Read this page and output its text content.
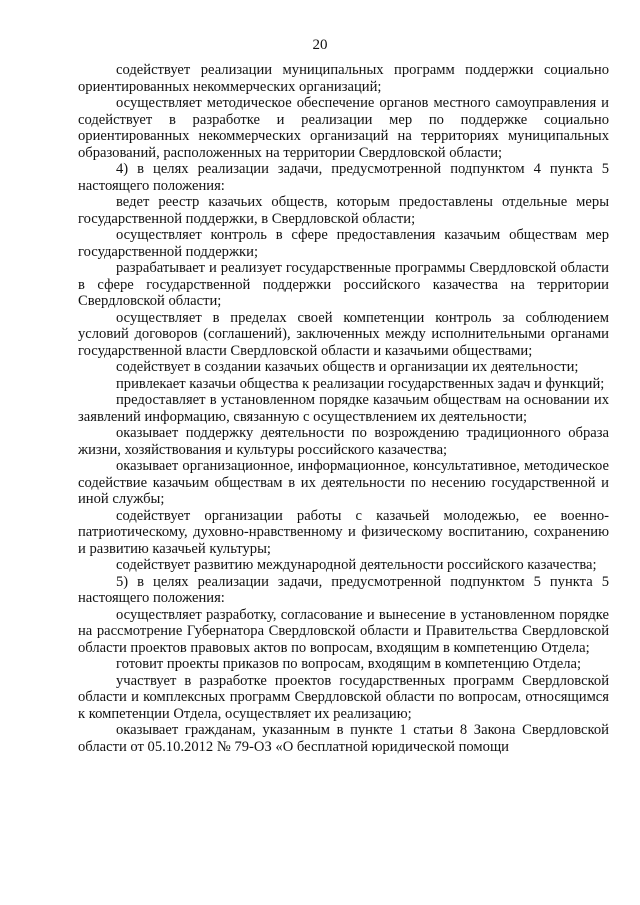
20

содействует реализации муниципальных программ поддержки социально ориентированных некоммерческих организаций;

осуществляет методическое обеспечение органов местного самоуправления и содействует в разработке и реализации мер по поддержке социально ориентированных некоммерческих организаций на территориях муниципальных образований, расположенных на территории Свердловской области;

4) в целях реализации задачи, предусмотренной подпунктом 4 пункта 5 настоящего положения:

ведет реестр казачьих обществ, которым предоставлены отдельные меры государственной поддержки, в Свердловской области;

осуществляет контроль в сфере предоставления казачьим обществам мер государственной поддержки;

разрабатывает и реализует государственные программы Свердловской области в сфере государственной поддержки российского казачества на территории Свердловской области;

осуществляет в пределах своей компетенции контроль за соблюдением условий договоров (соглашений), заключенных между исполнительными органами государственной власти Свердловской области и казачьими обществами;

содействует в создании казачьих обществ и организации их деятельности;

привлекает казачьи общества к реализации государственных задач и функций;

предоставляет в установленном порядке казачьим обществам на основании их заявлений информацию, связанную с осуществлением их деятельности;

оказывает поддержку деятельности по возрождению традиционного образа жизни, хозяйствования и культуры российского казачества;

оказывает организационное, информационное, консультативное, методическое содействие казачьим обществам в их деятельности по несению государственной и иной службы;

содействует организации работы с казачьей молодежью, ее военно-патриотическому, духовно-нравственному и физическому воспитанию, сохранению и развитию казачьей культуры;

содействует развитию международной деятельности российского казачества;

5) в целях реализации задачи, предусмотренной подпунктом 5 пункта 5 настоящего положения:

осуществляет разработку, согласование и вынесение в установленном порядке на рассмотрение Губернатора Свердловской области и Правительства Свердловской области проектов правовых актов по вопросам, входящим в компетенцию Отдела;

готовит проекты приказов по вопросам, входящим в компетенцию Отдела;

участвует в разработке проектов государственных программ Свердловской области и комплексных программ Свердловской области по вопросам, относящимся к компетенции Отдела, осуществляет их реализацию;

оказывает гражданам, указанным в пункте 1 статьи 8 Закона Свердловской области от 05.10.2012 № 79-ОЗ «О бесплатной юридической помощи
